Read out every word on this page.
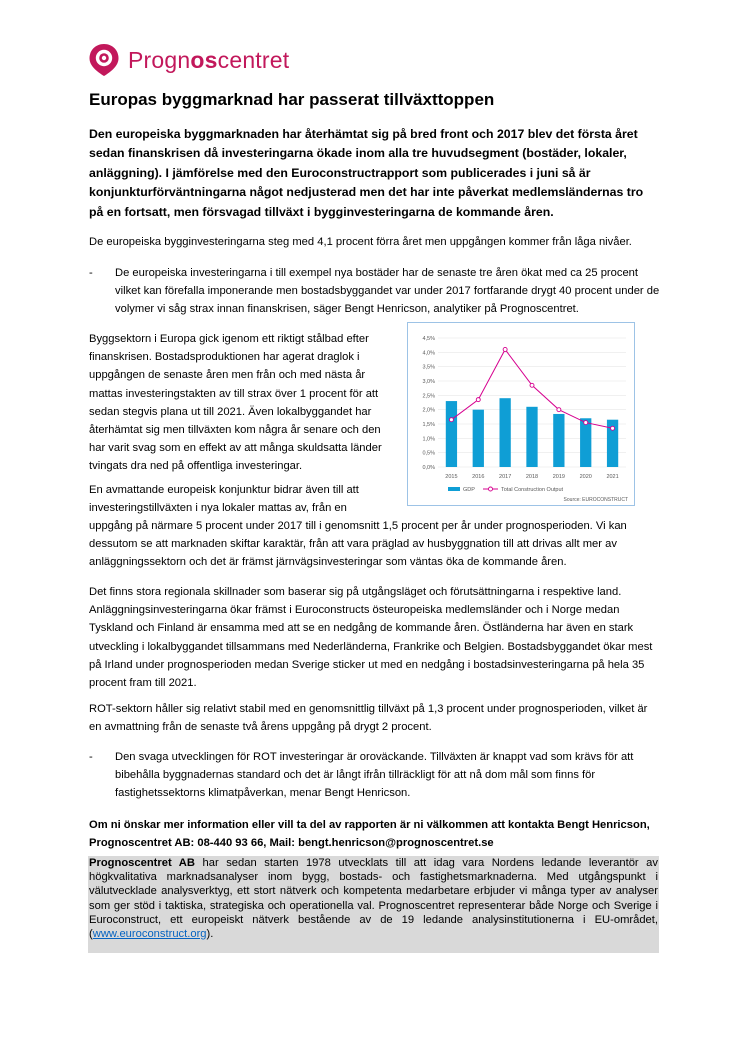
Prognoscentret
Europas byggmarknad har passerat tillväxttoppen

Den europeiska byggmarknaden har återhämtat sig på bred front och 2017 blev det första året sedan finanskrisen då investeringarna ökade inom alla tre huvudsegment (bostäder, lokaler, anläggning). I jämförelse med den Euroconstructrapport som publicerades i juni så är konjunkturförväntningarna något nedjusterad men det har inte påverkat medlemsländernas tro på en fortsatt, men försvagad tillväxt i bygginvesteringarna de kommande åren.

De europeiska bygginvesteringarna steg med 4,1 procent förra året men uppgången kommer från låga nivåer.

- De europeiska investeringarna i till exempel nya bostäder har de senaste tre åren ökat med ca 25 procent vilket kan förefalla imponerande men bostadsbyggandet var under 2017 fortfarande drygt 40 procent under de volymer vi såg strax innan finanskrisen, säger Bengt Henricson, analytiker på Prognoscentret.

Byggsektorn i Europa gick igenom ett riktigt stålbad efter finanskrisen. Bostadsproduktionen har agerat draglok i uppgången de senaste åren men från och med nästa år mattas investeringstakten av till strax över 1 procent för att sedan stegvis plana ut till 2021. Även lokalbyggandet har återhämtat sig men tillväxten kom några år senare och den har varit svag som en effekt av att många skuldsatta länder tvingats dra ned på offentliga investeringar.

En avmattande europeisk konjunktur bidrar även till att investeringstillväxten i nya lokaler mattas av, från en

uppgång på närmare 5 procent under 2017 till i genomsnitt 1,5 procent per år under prognosperioden. Vi kan dessutom se att marknaden skiftar karaktär, från att vara präglad av husbyggnation till att drivas allt mer av anläggningssektorn och det är främst järnvägsinvesteringar som väntas öka de kommande åren.

0,0%
0,5%
1,0%
1,5%
2,0%
2,5%
3,0%
3,5%
4,0%
4,5%
2015	2016	2017	2018	2019	2020	2021
GDP	Total Construction Output
Source: EUROCONSTRUCT

Det finns stora regionala skillnader som baserar sig på utgångsläget och förutsättningarna i respektive land. Anläggningsinvesteringarna ökar främst i Euroconstructs östeuropeiska medlemsländer och i Norge medan Tyskland och Finland är ensamma med att se en nedgång de kommande åren. Östländerna har även en stark utveckling i lokalbyggandet tillsammans med Nederländerna, Frankrike och Belgien. Bostadsbyggandet ökar mest på Irland under prognosperioden medan Sverige sticker ut med en nedgång i bostadsinvesteringarna på hela 35 procent fram till 2021.

ROT-sektorn håller sig relativt stabil med en genomsnittlig tillväxt på 1,3 procent under prognosperioden, vilket är en avmattning från de senaste två årens uppgång på drygt 2 procent.

- Den svaga utvecklingen för ROT investeringar är oroväckande. Tillväxten är knappt vad som krävs för att bibehålla byggnadernas standard och det är långt ifrån tillräckligt för att nå dom mål som finns för fastighetssektorns klimatpåverkan, menar Bengt Henricson.

Om ni önskar mer information eller vill ta del av rapporten är ni välkommen att kontakta Bengt Henricson, Prognoscentret AB: 08-440 93 66, Mail: bengt.henricson@prognoscentret.se

Prognoscentret AB har sedan starten 1978 utvecklats till att idag vara Nordens ledande leverantör av högkvalitativa marknadsanalyser inom bygg, bostads- och fastighetsmarknaderna. Med utgångspunkt i välutvecklade analysverktyg, ett stort nätverk och kompetenta medarbetare erbjuder vi många typer av analyser som ger stöd i taktiska, strategiska och operationella val. Prognoscentret representerar både Norge och Sverige i Euroconstruct, ett europeiskt nätverk bestående av de 19 ledande analysinstitutionerna i EU-området, (www.euroconstruct.org).
